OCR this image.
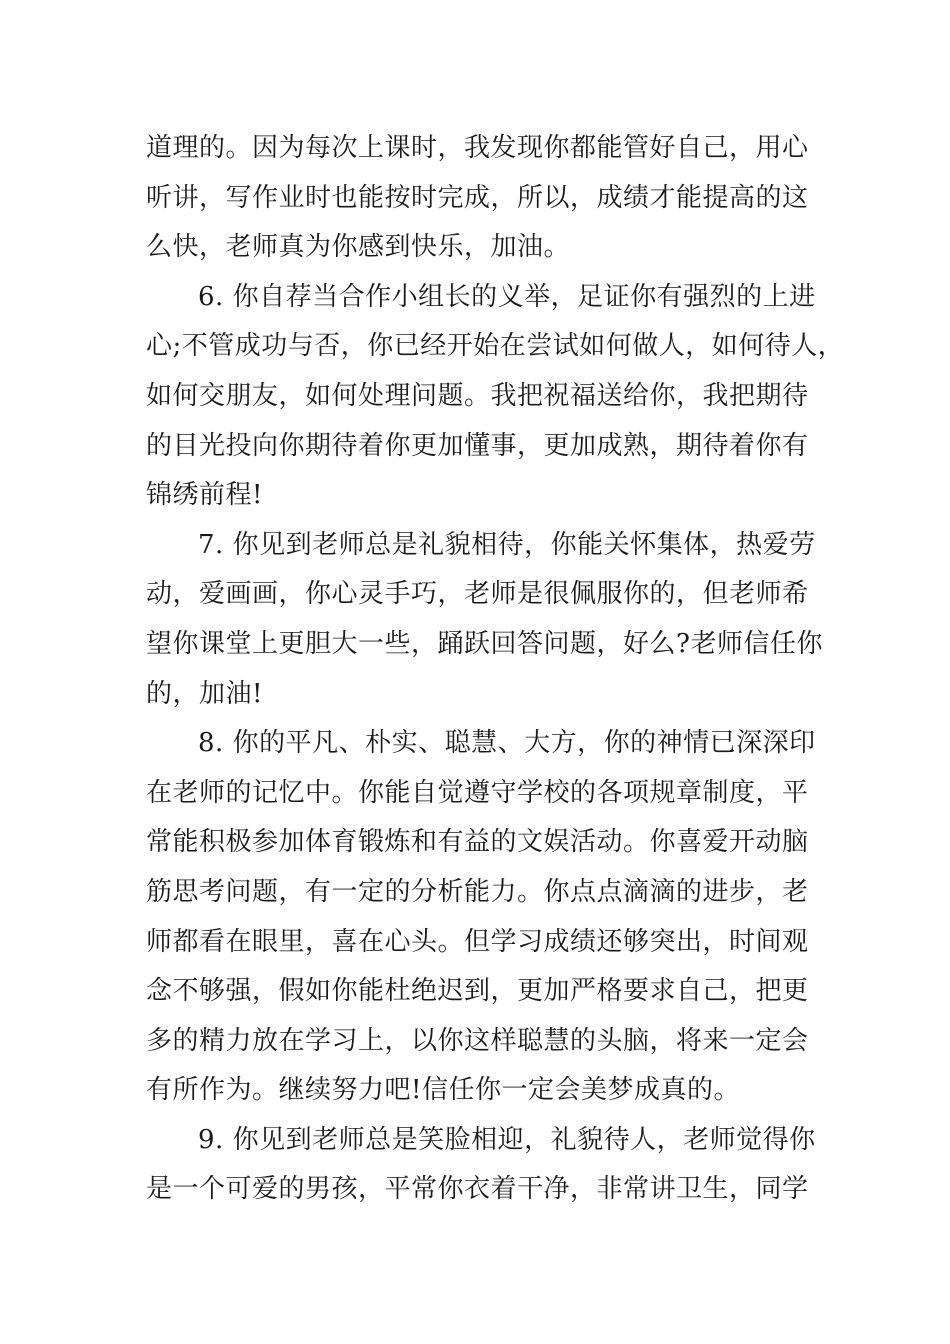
道理的。因为每次上课时，我发现你都能管好自己，用心
听讲，写作业时也能按时完成，所以，成绩才能提高的这
么快，老师真为你感到快乐，加油。
6. 你自荐当合作小组长的义举，足证你有强烈的上进
心;不管成功与否，你已经开始在尝试如何做人，如何待人，
如何交朋友，如何处理问题。我把祝福送给你，我把期待
的目光投向你期待着你更加懂事，更加成熟，期待着你有
锦绣前程!
7. 你见到老师总是礼貌相待，你能关怀集体，热爱劳
动，爱画画，你心灵手巧，老师是很佩服你的，但老师希
望你课堂上更胆大一些，踊跃回答问题，好么?老师信任你
的，加油!
8. 你的平凡、朴实、聪慧、大方，你的神情已深深印
在老师的记忆中。你能自觉遵守学校的各项规章制度，平
常能积极参加体育锻炼和有益的文娱活动。你喜爱开动脑
筋思考问题，有一定的分析能力。你点点滴滴的进步，老
师都看在眼里，喜在心头。但学习成绩还够突出，时间观
念不够强，假如你能杜绝迟到，更加严格要求自己，把更
多的精力放在学习上，以你这样聪慧的头脑，将来一定会
有所作为。继续努力吧!信任你一定会美梦成真的。
9. 你见到老师总是笑脸相迎，礼貌待人，老师觉得你
是一个可爱的男孩，平常你衣着干净，非常讲卫生，同学
